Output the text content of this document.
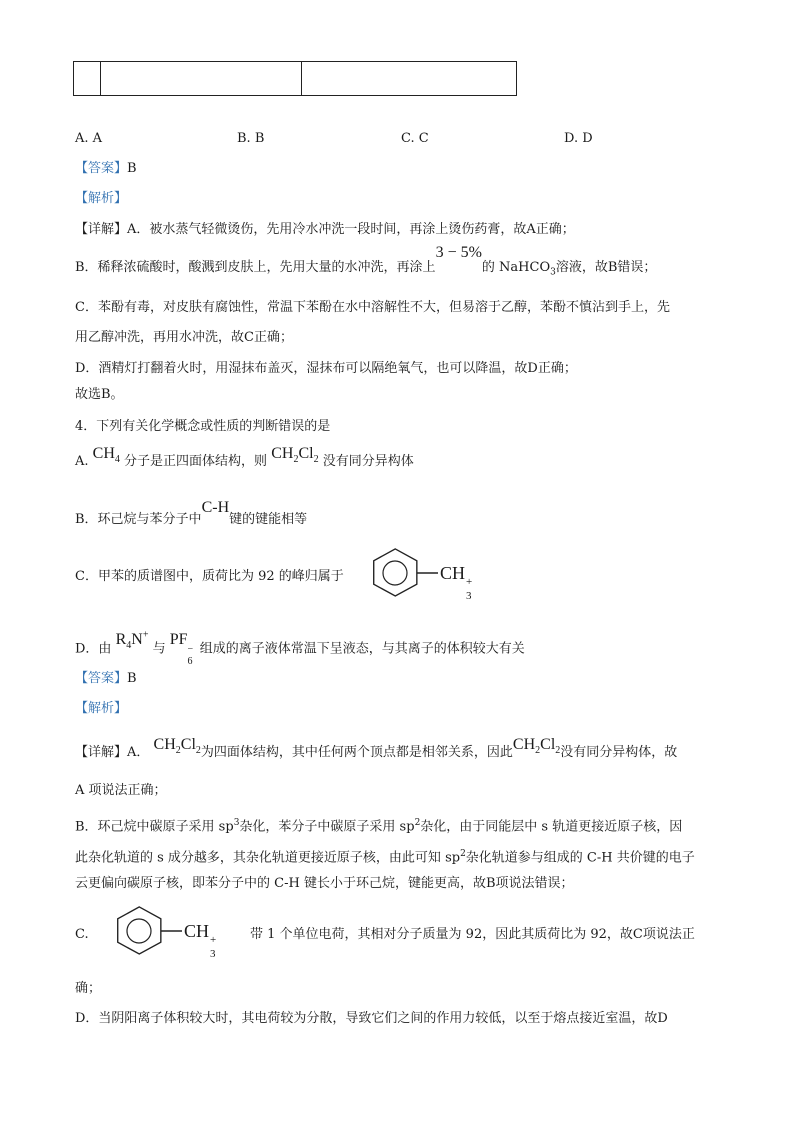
A. A	B. B	C. C	D. D
【答案】B
【解析】
【详解】A．被水蒸气轻微烫伤，先用冷水冲洗一段时间，再涂上烫伤药膏，故A正确；
B．稀释浓硫酸时，酸溅到皮肤上，先用大量的水冲洗，再涂上3 − 5%的 NaHCO$_3$溶液，故B错误；
C．苯酚有毒，对皮肤有腐蚀性，常温下苯酚在水中溶解性不大，但易溶于乙醇，苯酚不慎沾到手上，先
用乙醇冲洗，再用水冲洗，故C正确；
D．酒精灯打翻着火时，用湿抹布盖灭，湿抹布可以隔绝氧气，也可以降温，故D正确；
故选B。
4．下列有关化学概念或性质的判断错误的是
A. $CH_4$ 分子是正四面体结构，则 $CH_2Cl_2$ 没有同分异构体
B．环己烷与苯分子中C-H键的键能相等
C．甲苯的质谱图中，质荷比为 92 的峰归属于	CH +
3
D．由 $R_4N^+$ 与 PF
−
6
组成的离子液体常温下呈液态，与其离子的体积较大有关
【答案】B
【解析】
【详解】A． $CH_2Cl_2$为四面体结构，其中任何两个顶点都是相邻关系，因此$CH_2Cl_2$没有同分异构体，故
A 项说法正确；
B．环己烷中碳原子采用 $sp^3$杂化，苯分子中碳原子采用 $sp^2$杂化，由于同能层中 s 轨道更接近原子核，因
此杂化轨道的 s 成分越多，其杂化轨道更接近原子核，由此可知 $sp^2$杂化轨道参与组成的 C-H 共价键的电子
云更偏向碳原子核，即苯分子中的 C-H 键长小于环己烷，键能更高，故B项说法错误；
C.	CH +
3
带 1 个单位电荷，其相对分子质量为 92，因此其质荷比为 92，故C项说法正
确；
D．当阴阳离子体积较大时，其电荷较为分散，导致它们之间的作用力较低，以至于熔点接近室温，故D
